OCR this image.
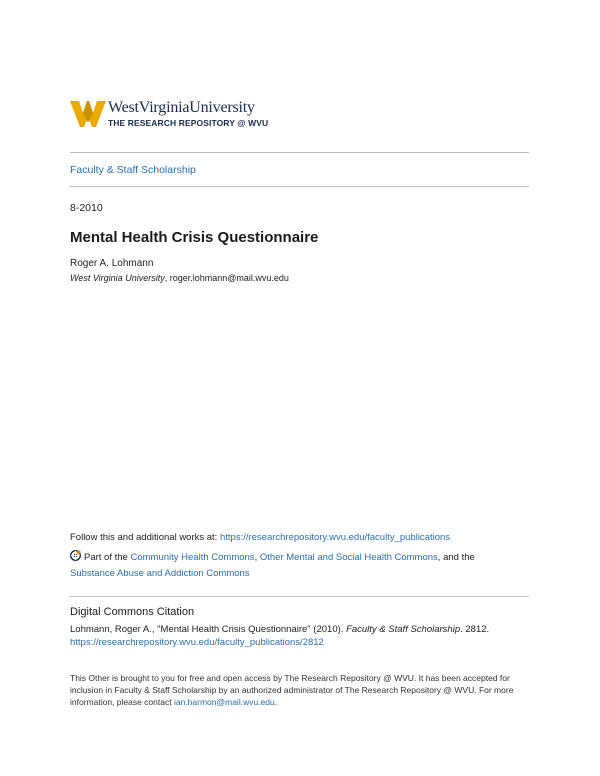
WestVirginiaUniversity
THE RESEARCH REPOSITORY @ WVU
Faculty & Staff Scholarship
8-2010
Mental Health Crisis Questionnaire
Roger A. Lohmann
West Virginia University, roger.lohmann@mail.wvu.edu
Follow this and additional works at: https://researchrepository.wvu.edu/faculty_publications
Part of the Community Health Commons, Other Mental and Social Health Commons, and the
Substance Abuse and Addiction Commons
Digital Commons Citation
Lohmann, Roger A., "Mental Health Crisis Questionnaire" (2010). Faculty & Staff Scholarship. 2812.
https://researchrepository.wvu.edu/faculty_publications/2812
This Other is brought to you for free and open access by The Research Repository @ WVU. It has been accepted for inclusion in Faculty & Staff Scholarship by an authorized administrator of The Research Repository @ WVU. For more information, please contact ian.harmon@mail.wvu.edu.
